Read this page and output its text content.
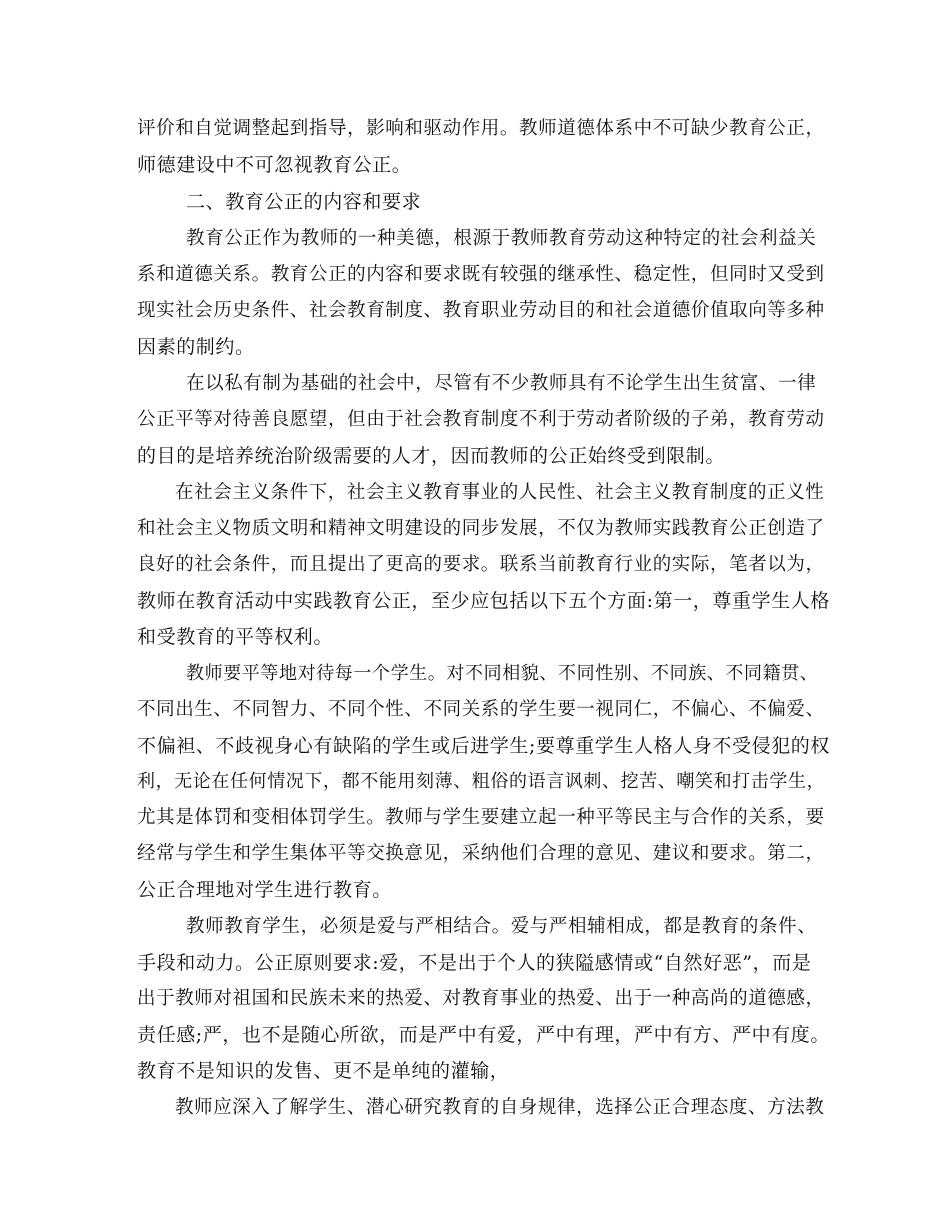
评价和自觉调整起到指导，影响和驱动作用。教师道德体系中不可缺少教育公正，
师德建设中不可忽视教育公正。
二、教育公正的内容和要求
教育公正作为教师的一种美德，根源于教师教育劳动这种特定的社会利益关
系和道德关系。教育公正的内容和要求既有较强的继承性、稳定性，但同时又受到
现实社会历史条件、社会教育制度、教育职业劳动目的和社会道德价值取向等多种
因素的制约。
在以私有制为基础的社会中，尽管有不少教师具有不论学生出生贫富、一律
公正平等对待善良愿望，但由于社会教育制度不利于劳动者阶级的子弟，教育劳动
的目的是培养统治阶级需要的人才，因而教师的公正始终受到限制。
在社会主义条件下，社会主义教育事业的人民性、社会主义教育制度的正义性
和社会主义物质文明和精神文明建设的同步发展，不仅为教师实践教育公正创造了
良好的社会条件，而且提出了更高的要求。联系当前教育行业的实际，笔者以为，
教师在教育活动中实践教育公正，至少应包括以下五个方面:第一，尊重学生人格
和受教育的平等权利。
教师要平等地对待每一个学生。对不同相貌、不同性别、不同族、不同籍贯、
不同出生、不同智力、不同个性、不同关系的学生要一视同仁，不偏心、不偏爱、
不偏袒、不歧视身心有缺陷的学生或后进学生;要尊重学生人格人身不受侵犯的权
利，无论在任何情况下，都不能用刻薄、粗俗的语言讽刺、挖苦、嘲笑和打击学生，
尤其是体罚和变相体罚学生。教师与学生要建立起一种平等民主与合作的关系，要
经常与学生和学生集体平等交换意见，采纳他们合理的意见、建议和要求。第二，
公正合理地对学生进行教育。
教师教育学生，必须是爱与严相结合。爱与严相辅相成，都是教育的条件、
手段和动力。公正原则要求:爱，不是出于个人的狭隘感情或“自然好恶”，而是
出于教师对祖国和民族未来的热爱、对教育事业的热爱、出于一种高尚的道德感，
责任感;严，也不是随心所欲，而是严中有爱，严中有理，严中有方、严中有度。
教育不是知识的发售、更不是单纯的灌输，
教师应深入了解学生、潜心研究教育的自身规律，选择公正合理态度、方法教
